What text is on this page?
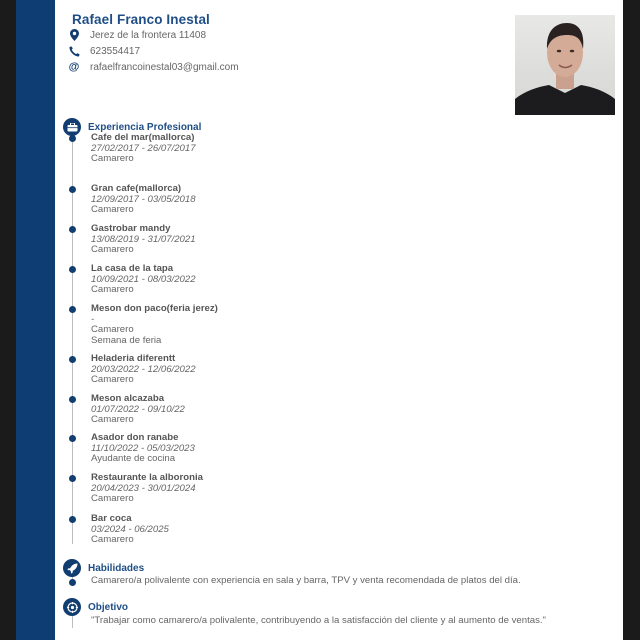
Rafael Franco Inestal
Jerez de la frontera 11408
623554417
@ rafaelfrancoinestal03@gmail.com
Experiencia Profesional
Cafe del mar(mallorca)
27/02/2017 - 26/07/2017
Camarero
Gran cafe(mallorca)
12/09/2017 - 03/05/2018
Camarero
Gastrobar mandy
13/08/2019 - 31/07/2021
Camarero
La casa de la tapa
10/09/2021 - 08/03/2022
Camarero
Meson don paco(feria jerez)
-
Camarero
Semana de feria
Heladeria diferentt
20/03/2022 - 12/06/2022
Camarero
Meson alcazaba
01/07/2022 - 09/10/22
Camarero
Asador don ranabe
11/10/2022 - 05/03/2023
Ayudante de cocina
Restaurante la alboronia
20/04/2023 - 30/01/2024
Camarero
Bar coca
03/2024 - 06/2025
Camarero
Habilidades
Camarero/a polivalente con experiencia en sala y barra, TPV y venta recomendada de platos del día.
Objetivo
"Trabajar como camarero/a polivalente, contribuyendo a la satisfacción del cliente y al aumento de ventas."
